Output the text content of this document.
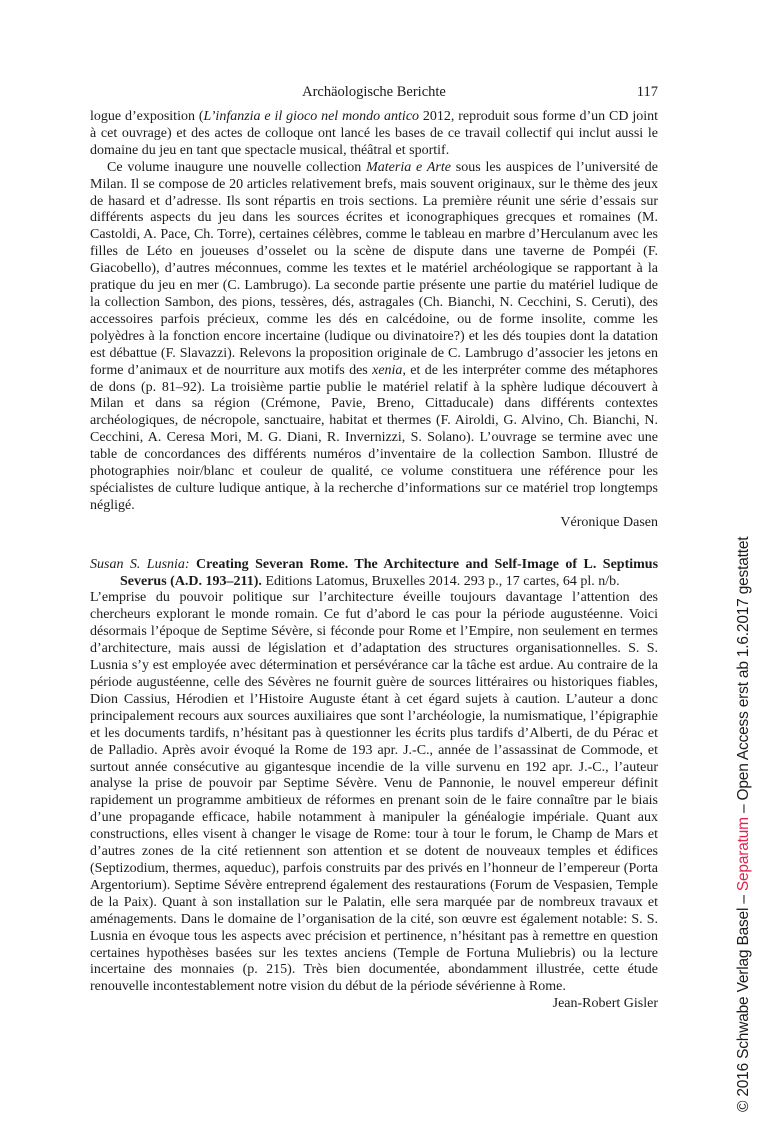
Archäologische Berichte	117

logue d’exposition (L’infanzia e il gioco nel mondo antico 2012, reproduit sous forme d’un CD joint à cet ouvrage) et des actes de colloque ont lancé les bases de ce travail collectif qui inclut aussi le domaine du jeu en tant que spectacle musical, théâtral et sportif.

Ce volume inaugure une nouvelle collection Materia e Arte sous les auspices de l’université de Milan. Il se compose de 20 articles relativement brefs, mais souvent originaux, sur le thème des jeux de hasard et d’adresse. Ils sont répartis en trois sections. La première réunit une série d’essais sur différents aspects du jeu dans les sources écrites et iconographiques grecques et romaines (M. Castoldi, A. Pace, Ch. Torre), certaines célèbres, comme le tableau en marbre d’Herculanum avec les filles de Léto en joueuses d’osselet ou la scène de dispute dans une taverne de Pompéi (F. Giacobello), d’autres méconnues, comme les textes et le matériel archéologique se rapportant à la pratique du jeu en mer (C. Lambrugo). La seconde partie présente une partie du matériel ludique de la collection Sambon, des pions, tessères, dés, astragales (Ch. Bianchi, N. Cecchini, S. Ceruti), des accessoires parfois précieux, comme les dés en calcédoine, ou de forme insolite, comme les polyèdres à la fonction encore incertaine (ludique ou divinatoire?) et les dés toupies dont la datation est débattue (F. Slavazzi). Relevons la proposition originale de C. Lambrugo d’associer les jetons en forme d’animaux et de nourriture aux motifs des xenia, et de les interpréter comme des métaphores de dons (p. 81–92). La troisième partie publie le matériel relatif à la sphère ludique découvert à Milan et dans sa région (Crémone, Pavie, Breno, Cittaducale) dans différents contextes archéologiques, de nécropole, sanctuaire, habitat et thermes (F. Airoldi, G. Alvino, Ch. Bianchi, N. Cecchini, A. Ceresa Mori, M. G. Diani, R. Invernizzi, S. Solano). L’ouvrage se termine avec une table de concordances des différents numéros d’inventaire de la collection Sambon. Illustré de photographies noir/blanc et couleur de qualité, ce volume constituera une référence pour les spécialistes de culture ludique antique, à la recherche d’informations sur ce matériel trop longtemps négligé.

Véronique Dasen

Susan S. Lusnia: Creating Severan Rome. The Architecture and Self-Image of L. Septimus Severus (A.D. 193–211). Editions Latomus, Bruxelles 2014. 293 p., 17 cartes, 64 pl. n/b.

L’emprise du pouvoir politique sur l’architecture éveille toujours davantage l’attention des chercheurs explorant le monde romain. Ce fut d’abord le cas pour la période augustéenne. Voici désormais l’époque de Septime Sévère, si féconde pour Rome et l’Empire, non seulement en termes d’architecture, mais aussi de législation et d’adaptation des structures organisationnelles. S. S. Lusnia s’y est employée avec détermination et persévérance car la tâche est ardue. Au contraire de la période augustéenne, celle des Sévères ne fournit guère de sources littéraires ou historiques fiables, Dion Cassius, Hérodien et l’Histoire Auguste étant à cet égard sujets à caution. L’auteur a donc principalement recours aux sources auxiliaires que sont l’archéologie, la numismatique, l’épigraphie et les documents tardifs, n’hésitant pas à questionner les écrits plus tardifs d’Alberti, de du Pérac et de Palladio. Après avoir évoqué la Rome de 193 apr. J.-C., année de l’assassinat de Commode, et surtout année consécutive au gigantesque incendie de la ville survenu en 192 apr. J.-C., l’auteur analyse la prise de pouvoir par Septime Sévère. Venu de Pannonie, le nouvel empereur définit rapidement un programme ambitieux de réformes en prenant soin de le faire connaître par le biais d’une propagande efficace, habile notamment à manipuler la généalogie impériale. Quant aux constructions, elles visent à changer le visage de Rome: tour à tour le forum, le Champ de Mars et d’autres zones de la cité retiennent son attention et se dotent de nouveaux temples et édifices (Septizodium, thermes, aqueduc), parfois construits par des privés en l’honneur de l’empereur (Porta Argentorium). Septime Sévère entreprend également des restaurations (Forum de Vespasien, Temple de la Paix). Quant à son installation sur le Palatin, elle sera marquée par de nombreux travaux et aménagements. Dans le domaine de l’organisation de la cité, son œuvre est également notable: S. S. Lusnia en évoque tous les aspects avec précision et pertinence, n’hésitant pas à remettre en question certaines hypothèses basées sur les textes anciens (Temple de Fortuna Muliebris) ou la lecture incertaine des monnaies (p. 215). Très bien documentée, abondamment illustrée, cette étude renouvelle incontestablement notre vision du début de la période sévérienne à Rome.

Jean-Robert Gisler	© 2016 Schwabe Verlag Basel – Separatum – Open Access erst ab 1.6.2017 gestattet
